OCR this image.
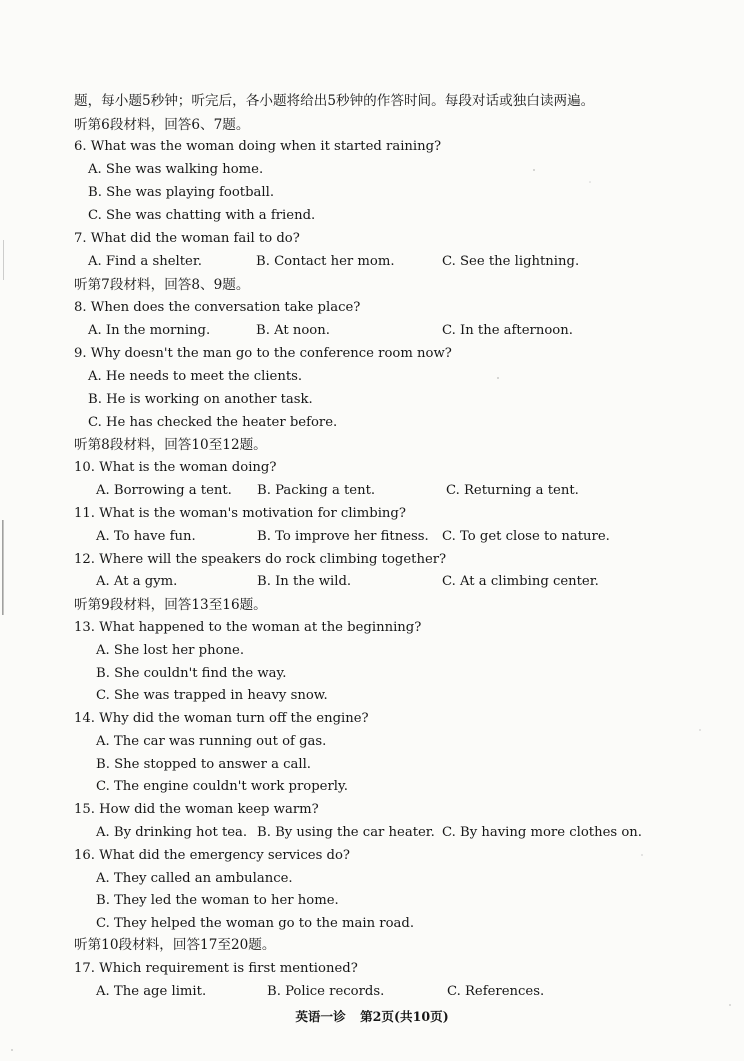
题，每小题5秒钟；听完后，各小题将给出5秒钟的作答时间。每段对话或独白读两遍。
听第6段材料，回答6、7题。
6. What was the woman doing when it started raining?
A. She was walking home.
B. She was playing football.
C. She was chatting with a friend.
7. What did the woman fail to do?
A. Find a shelter.	B. Contact her mom.	C. See the lightning.
听第7段材料，回答8、9题。
8. When does the conversation take place?
A. In the morning.	B. At noon.	C. In the afternoon.
9. Why doesn't the man go to the conference room now?
A. He needs to meet the clients.
B. He is working on another task.
C. He has checked the heater before.
听第8段材料，回答10至12题。
10. What is the woman doing?
A. Borrowing a tent. B. Packing a tent.	C. Returning a tent.
11. What is the woman's motivation for climbing?
A. To have fun.	B. To improve her fitness. C. To get close to nature.
12. Where will the speakers do rock climbing together?
A. At a gym.	B. In the wild.	C. At a climbing center.
听第9段材料，回答13至16题。
13. What happened to the woman at the beginning?
A. She lost her phone.
B. She couldn't find the way.
C. She was trapped in heavy snow.
14. Why did the woman turn off the engine?
A. The car was running out of gas.
B. She stopped to answer a call.
C. The engine couldn't work properly.
15. How did the woman keep warm?
A. By drinking hot tea. B. By using the car heater. C. By having more clothes on.
16. What did the emergency services do?
A. They called an ambulance.
B. They led the woman to her home.
C. They helped the woman go to the main road.
听第10段材料，回答17至20题。
17. Which requirement is first mentioned?
A. The age limit.	B. Police records.	C. References.
英语一诊 第2页(共10页)
